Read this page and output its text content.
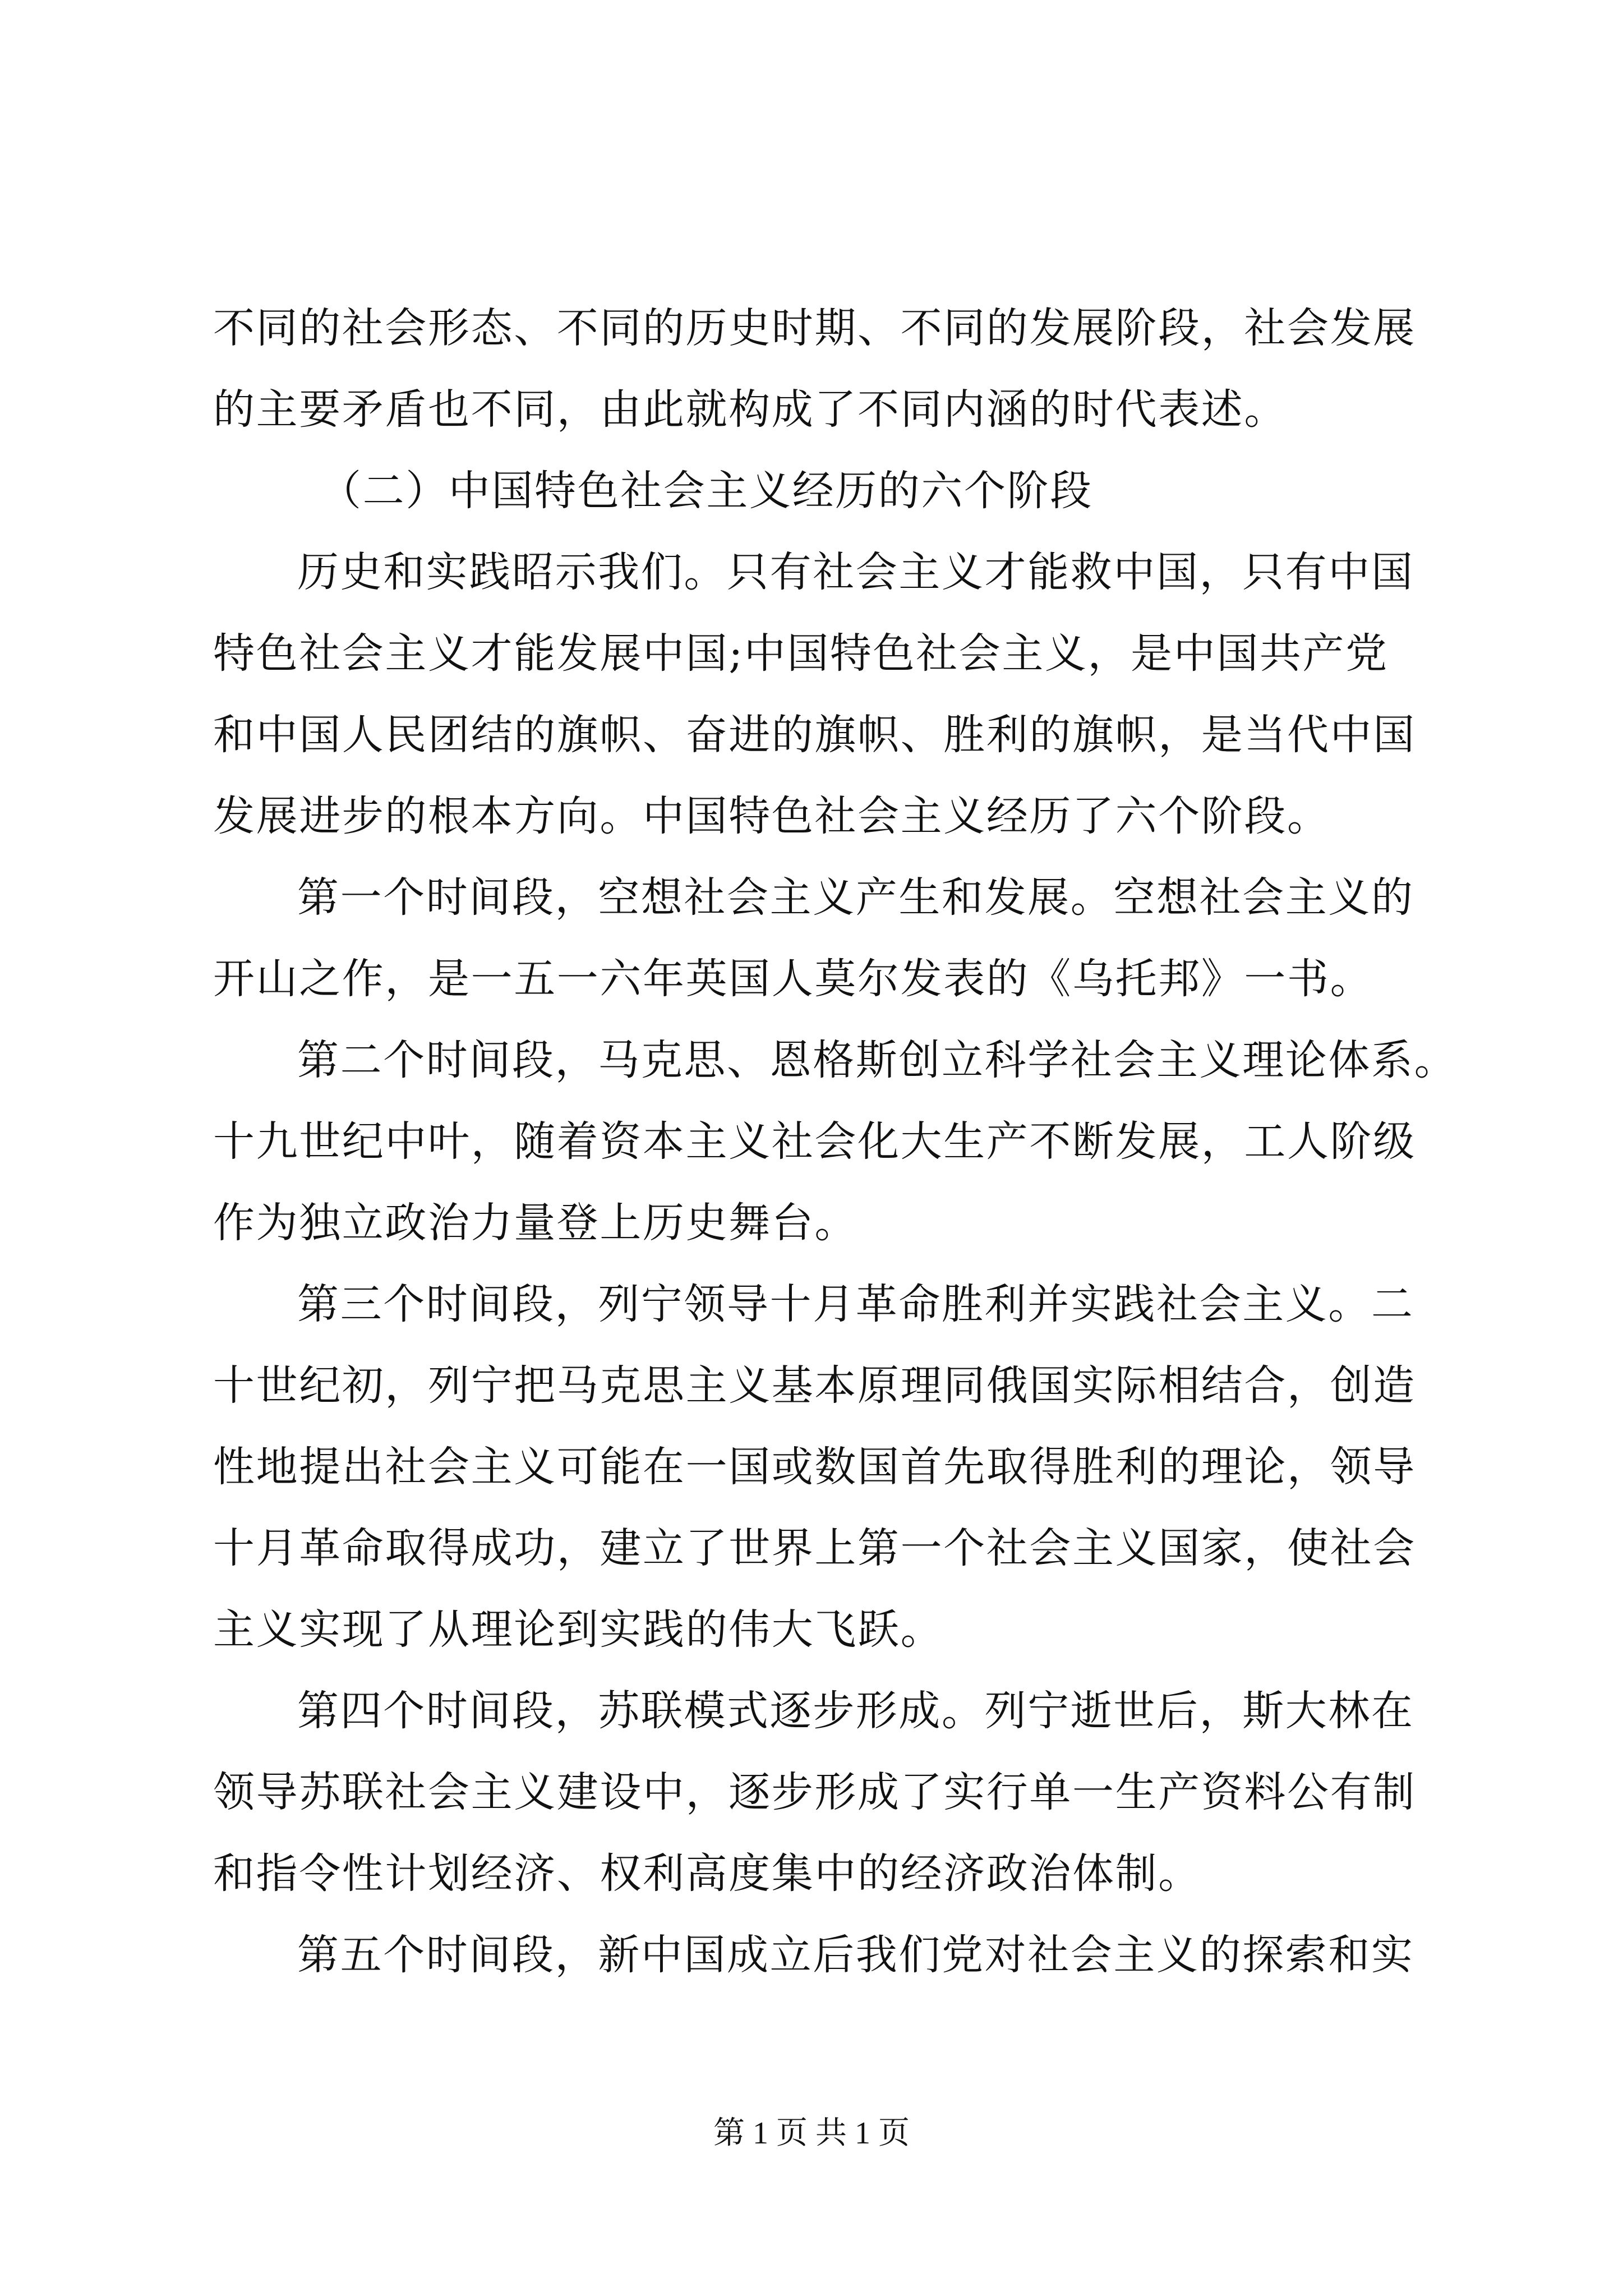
不同的社会形态、不同的历史时期、不同的发展阶段，社会发展
的主要矛盾也不同，由此就构成了不同内涵的时代表述。
（二）中国特色社会主义经历的六个阶段
历史和实践昭示我们。只有社会主义才能救中国，只有中国
特色社会主义才能发展中国;中国特色社会主义，是中国共产党
和中国人民团结的旗帜、奋进的旗帜、胜利的旗帜，是当代中国
发展进步的根本方向。中国特色社会主义经历了六个阶段。
第一个时间段，空想社会主义产生和发展。空想社会主义的
开山之作，是一五一六年英国人莫尔发表的《乌托邦》一书。
第二个时间段，马克思、恩格斯创立科学社会主义理论体系。
十九世纪中叶，随着资本主义社会化大生产不断发展，工人阶级
作为独立政治力量登上历史舞台。
第三个时间段，列宁领导十月革命胜利并实践社会主义。二
十世纪初，列宁把马克思主义基本原理同俄国实际相结合，创造
性地提出社会主义可能在一国或数国首先取得胜利的理论，领导
十月革命取得成功，建立了世界上第一个社会主义国家，使社会
主义实现了从理论到实践的伟大飞跃。
第四个时间段，苏联模式逐步形成。列宁逝世后，斯大林在
领导苏联社会主义建设中，逐步形成了实行单一生产资料公有制
和指令性计划经济、权利高度集中的经济政治体制。
第五个时间段，新中国成立后我们党对社会主义的探索和实
第 1 页 共 1 页
